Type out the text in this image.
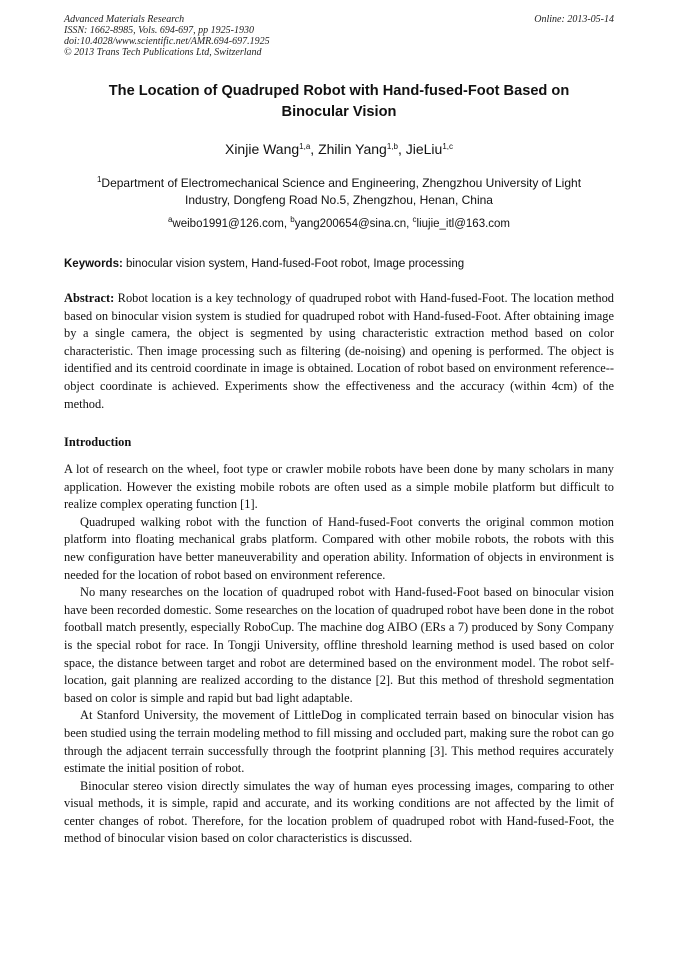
Advanced Materials Research
ISSN: 1662-8985, Vols. 694-697, pp 1925-1930
doi:10.4028/www.scientific.net/AMR.694-697.1925
© 2013 Trans Tech Publications Ltd, Switzerland
Online: 2013-05-14
The Location of Quadruped Robot with Hand-fused-Foot Based on
Binocular Vision
Xinjie Wang$^{1,a}$, Zhilin Yang$^{1,b}$, JieLiu$^{1,c}$
$^1$Department of Electromechanical Science and Engineering, Zhengzhou University of Light
Industry, Dongfeng Road No.5, Zhengzhou, Henan, China
$^a$weibo1991@126.com, $^b$yang200654@sina.cn, $^c$liujie_itl@163.com
Keywords: binocular vision system, Hand-fused-Foot robot, Image processing
Abstract: Robot location is a key technology of quadruped robot with Hand-fused-Foot. The location method based on binocular vision system is studied for quadruped robot with Hand-fused-Foot. After obtaining image by a single camera, the object is segmented by using characteristic extraction method based on color characteristic. Then image processing such as filtering (de-noising) and opening is performed. The object is identified and its centroid coordinate in image is obtained. Location of robot based on environment reference--object coordinate is achieved. Experiments show the effectiveness and the accuracy (within 4cm) of the method.
Introduction

A lot of research on the wheel, foot type or crawler mobile robots have been done by many scholars in many application. However the existing mobile robots are often used as a simple mobile platform but difficult to realize complex operating function [1].

Quadruped walking robot with the function of Hand-fused-Foot converts the original common motion platform into floating mechanical grabs platform. Compared with other mobile robots, the robots with this new configuration have better maneuverability and operation ability. Information of objects in environment is needed for the location of robot based on environment reference.

No many researches on the location of quadruped robot with Hand-fused-Foot based on binocular vision have been recorded domestic. Some researches on the location of quadruped robot have been done in the robot football match presently, especially RoboCup. The machine dog AIBO (ERs a 7) produced by Sony Company is the special robot for race. In Tongji University, offline threshold learning method is used based on color space, the distance between target and robot are determined based on the environment model. The robot self-location, gait planning are realized according to the distance [2]. But this method of threshold segmentation based on color is simple and rapid but bad light adaptable.

At Stanford University, the movement of LittleDog in complicated terrain based on binocular vision has been studied using the terrain modeling method to fill missing and occluded part, making sure the robot can go through the adjacent terrain successfully through the footprint planning [3]. This method requires accurately estimate the initial position of robot.

Binocular stereo vision directly simulates the way of human eyes processing images, comparing to other visual methods, it is simple, rapid and accurate, and its working conditions are not affected by the limit of center changes of robot. Therefore, for the location problem of quadruped robot with Hand-fused-Foot, the method of binocular vision based on color characteristics is discussed.
